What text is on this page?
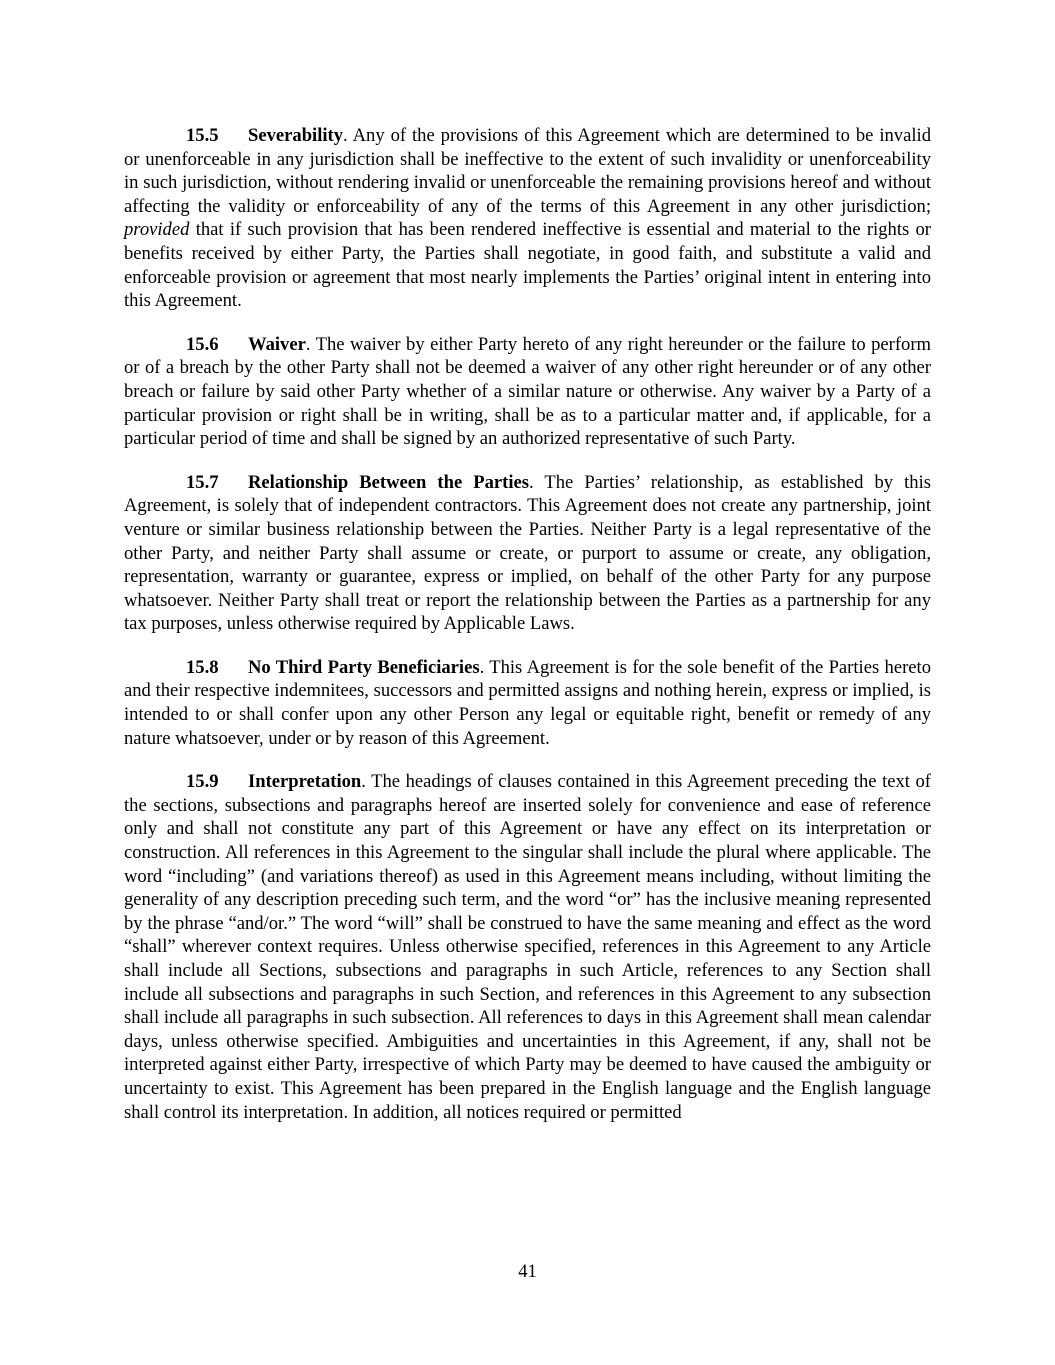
15.5 Severability. Any of the provisions of this Agreement which are determined to be invalid or unenforceable in any jurisdiction shall be ineffective to the extent of such invalidity or unenforceability in such jurisdiction, without rendering invalid or unenforceable the remaining provisions hereof and without affecting the validity or enforceability of any of the terms of this Agreement in any other jurisdiction; provided that if such provision that has been rendered ineffective is essential and material to the rights or benefits received by either Party, the Parties shall negotiate, in good faith, and substitute a valid and enforceable provision or agreement that most nearly implements the Parties’ original intent in entering into this Agreement.

15.6 Waiver. The waiver by either Party hereto of any right hereunder or the failure to perform or of a breach by the other Party shall not be deemed a waiver of any other right hereunder or of any other breach or failure by said other Party whether of a similar nature or otherwise. Any waiver by a Party of a particular provision or right shall be in writing, shall be as to a particular matter and, if applicable, for a particular period of time and shall be signed by an authorized representative of such Party.

15.7 Relationship Between the Parties. The Parties’ relationship, as established by this Agreement, is solely that of independent contractors. This Agreement does not create any partnership, joint venture or similar business relationship between the Parties. Neither Party is a legal representative of the other Party, and neither Party shall assume or create, or purport to assume or create, any obligation, representation, warranty or guarantee, express or implied, on behalf of the other Party for any purpose whatsoever. Neither Party shall treat or report the relationship between the Parties as a partnership for any tax purposes, unless otherwise required by Applicable Laws.

15.8 No Third Party Beneficiaries. This Agreement is for the sole benefit of the Parties hereto and their respective indemnitees, successors and permitted assigns and nothing herein, express or implied, is intended to or shall confer upon any other Person any legal or equitable right, benefit or remedy of any nature whatsoever, under or by reason of this Agreement.

15.9 Interpretation. The headings of clauses contained in this Agreement preceding the text of the sections, subsections and paragraphs hereof are inserted solely for convenience and ease of reference only and shall not constitute any part of this Agreement or have any effect on its interpretation or construction. All references in this Agreement to the singular shall include the plural where applicable. The word “including” (and variations thereof) as used in this Agreement means including, without limiting the generality of any description preceding such term, and the word “or” has the inclusive meaning represented by the phrase “and/or.” The word “will” shall be construed to have the same meaning and effect as the word “shall” wherever context requires. Unless otherwise specified, references in this Agreement to any Article shall include all Sections, subsections and paragraphs in such Article, references to any Section shall include all subsections and paragraphs in such Section, and references in this Agreement to any subsection shall include all paragraphs in such subsection. All references to days in this Agreement shall mean calendar days, unless otherwise specified. Ambiguities and uncertainties in this Agreement, if any, shall not be interpreted against either Party, irrespective of which Party may be deemed to have caused the ambiguity or uncertainty to exist. This Agreement has been prepared in the English language and the English language shall control its interpretation. In addition, all notices required or permitted

41
